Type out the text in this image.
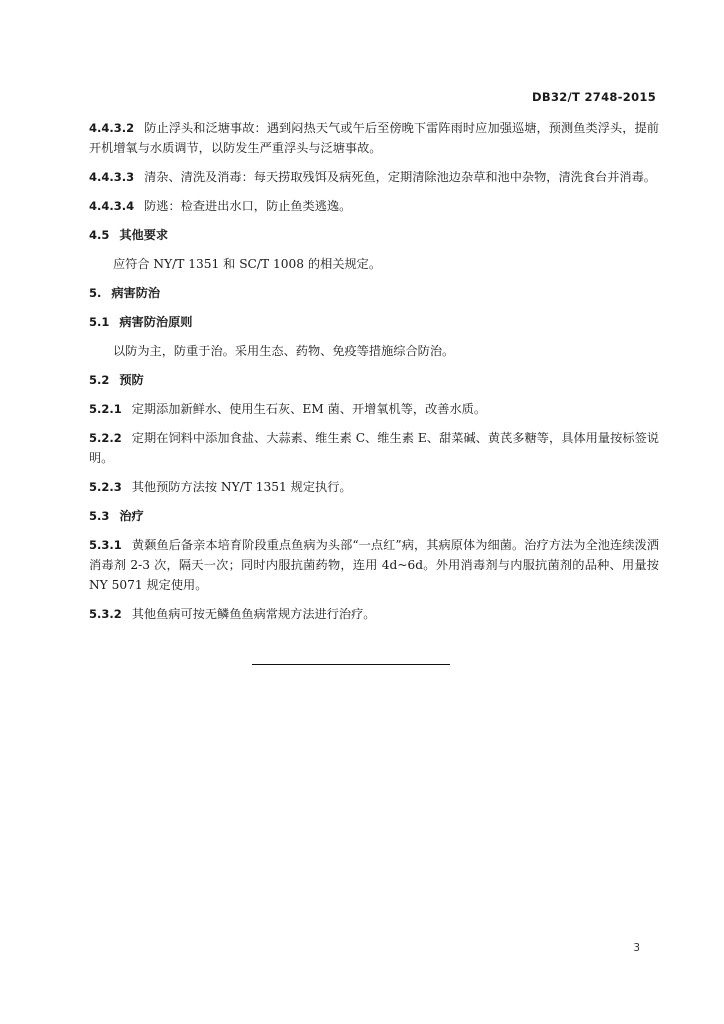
DB32/T 2748-2015

4.4.3.2 防止浮头和泛塘事故：遇到闷热天气或午后至傍晚下雷阵雨时应加强巡塘，预测鱼类浮头，提前开机增氧与水质调节，以防发生严重浮头与泛塘事故。

4.4.3.3 清杂、清洗及消毒：每天捞取残饵及病死鱼，定期清除池边杂草和池中杂物，清洗食台并消毒。

4.4.3.4 防逃：检查进出水口，防止鱼类逃逸。

4.5 其他要求

应符合 NY/T 1351 和 SC/T 1008 的相关规定。

5. 病害防治

5.1 病害防治原则

以防为主，防重于治。采用生态、药物、免疫等措施综合防治。

5.2 预防

5.2.1 定期添加新鲜水、使用生石灰、EM 菌、开增氧机等，改善水质。

5.2.2 定期在饲料中添加食盐、大蒜素、维生素 C、维生素 E、甜菜碱、黄芪多糖等，具体用量按标签说明。

5.2.3 其他预防方法按 NY/T 1351 规定执行。

5.3 治疗

5.3.1 黄颡鱼后备亲本培育阶段重点鱼病为头部“一点红”病，其病原体为细菌。治疗方法为全池连续泼洒消毒剂 2-3 次，隔天一次；同时内服抗菌药物，连用 4d~6d。外用消毒剂与内服抗菌剂的品种、用量按 NY 5071 规定使用。

5.3.2 其他鱼病可按无鳞鱼鱼病常规方法进行治疗。

3
